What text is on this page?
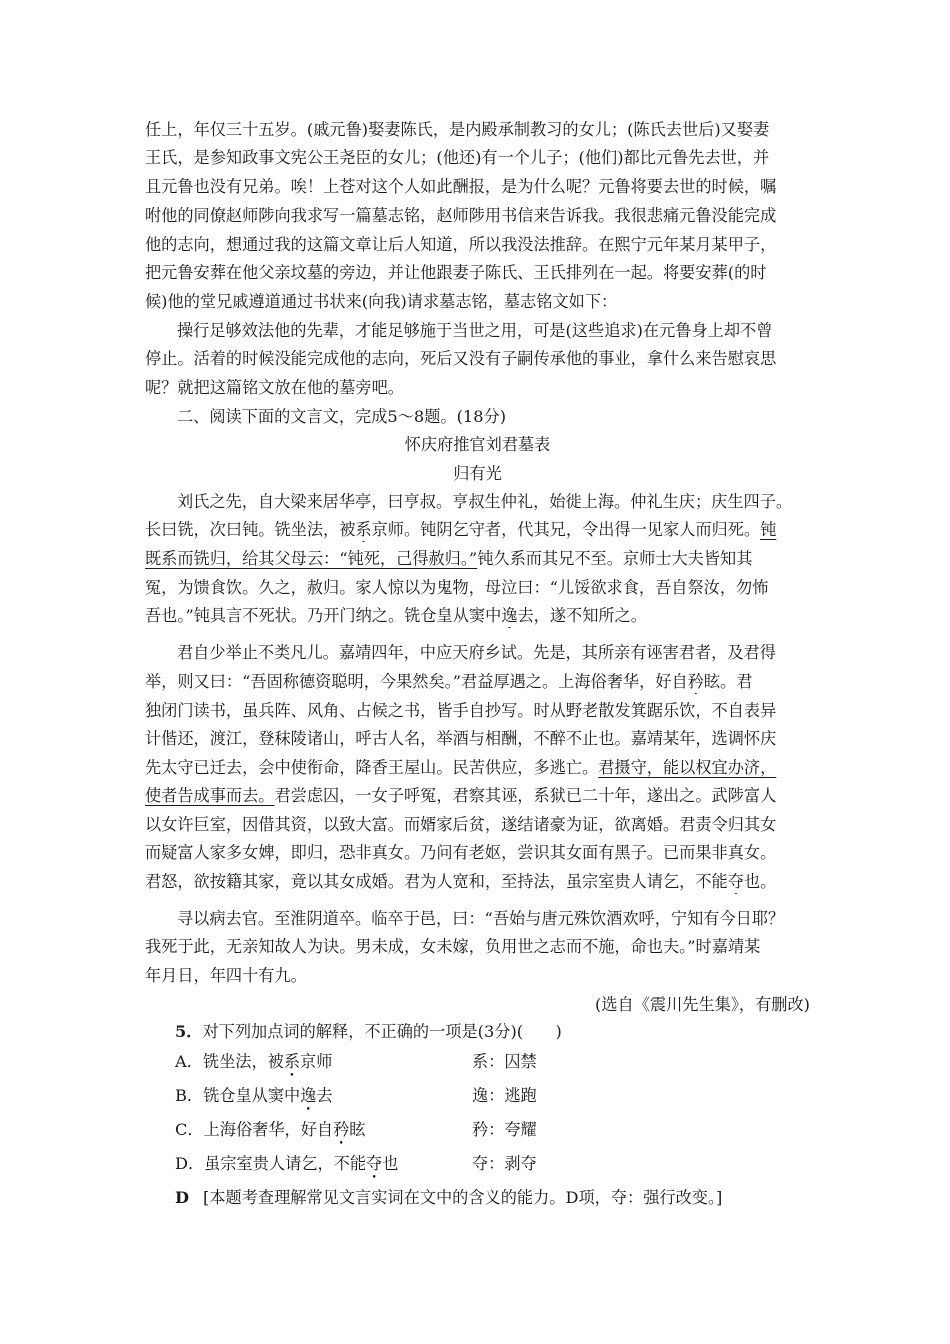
任上，年仅三十五岁。(戚元鲁)娶妻陈氏，是内殿承制教习的女儿；(陈氏去世后)又娶妻
王氏，是参知政事文宪公王尧臣的女儿；(他还)有一个儿子；(他们)都比元鲁先去世，并
且元鲁也没有兄弟。唉！上苍对这个人如此酬报，是为什么呢？元鲁将要去世的时候，嘱
咐他的同僚赵师陟向我求写一篇墓志铭，赵师陟用书信来告诉我。我很悲痛元鲁没能完成
他的志向，想通过我的这篇文章让后人知道，所以我没法推辞。在熙宁元年某月某甲子，
把元鲁安葬在他父亲坟墓的旁边，并让他跟妻子陈氏、王氏排列在一起。将要安葬(的时
候)他的堂兄戚遵道通过书状来(向我)请求墓志铭，墓志铭文如下：
操行足够效法他的先辈，才能足够施于当世之用，可是(这些追求)在元鲁身上却不曾
停止。活着的时候没能完成他的志向，死后又没有子嗣传承他的事业，拿什么来告慰哀思
呢？就把这篇铭文放在他的墓旁吧。
二、阅读下面的文言文，完成5～8题。(18分)
怀庆府推官刘君墓表
归有光
刘氏之先，自大梁来居华亭，曰亨叔。亨叔生仲礼，始徙上海。仲礼生庆；庆生四子。
长曰铣，次曰钝。铣坐法，被系京师。钝阴乞守者，代其兄，令出得一见家人而归死。钝
既系而铣归，给其父母云：“钝死，己得赦归。”钝久系而其兄不至。京师士大夫皆知其
冤，为馈食饮。久之，赦归。家人惊以为鬼物，母泣曰：“儿馁欲求食，吾自祭汝，勿怖
吾也。”钝具言不死状。乃开门纳之。铣仓皇从窦中逸去，遂不知所之。
君自少举止不类凡儿。嘉靖四年，中应天府乡试。先是，其所亲有诬害君者，及君得
举，则又曰：“吾固称德资聪明，今果然矣。”君益厚遇之。上海俗奢华，好自矜眩。君
独闭门读书，虽兵阵、风角、占候之书，皆手自抄写。时从野老散发箕踞乐饮，不自表异
计偕还，渡江，登秣陵诸山，呼古人名，举酒与相酬，不醉不止也。嘉靖某年，选调怀庆
先太守已迁去，会中使衔命，降香王屋山。民苦供应，多逃亡。君摄守，能以权宜办济，
使者告成事而去。君尝虑囚，一女子呼冤，君察其诬，系狱已二十年，遂出之。武陟富人
以女许巨室，因借其资，以致大富。而婿家后贫，遂结诸豪为证，欲离婚。君责令归其女
而疑富人家多女婢，即归，恐非真女。乃问有老妪，尝识其女面有黑子。已而果非真女。
君怒，欲按籍其家，竟以其女成婚。君为人宽和，至持法，虽宗室贵人请乞，不能夺也。
寻以病去官。至淮阴道卒。临卒于邑，曰：“吾始与唐元殊饮酒欢呼，宁知有今日耶？
我死于此，无亲知故人为诀。男未成，女未嫁，负用世之志而不施，命也夫。”时嘉靖某
年月日，年四十有九。
(选自《震川先生集》，有删改)
5．对下列加点词的解释，不正确的一项是(3分)(　　)
A．铣坐法，被系京师	系：囚禁
B．铣仓皇从窦中逸去	逸：逃跑
C．上海俗奢华，好自矜眩	矜：夸耀
D．虽宗室贵人请乞，不能夺也	夺：剥夺
D [本题考查理解常见文言实词在文中的含义的能力。D项，夺：强行改变。]
